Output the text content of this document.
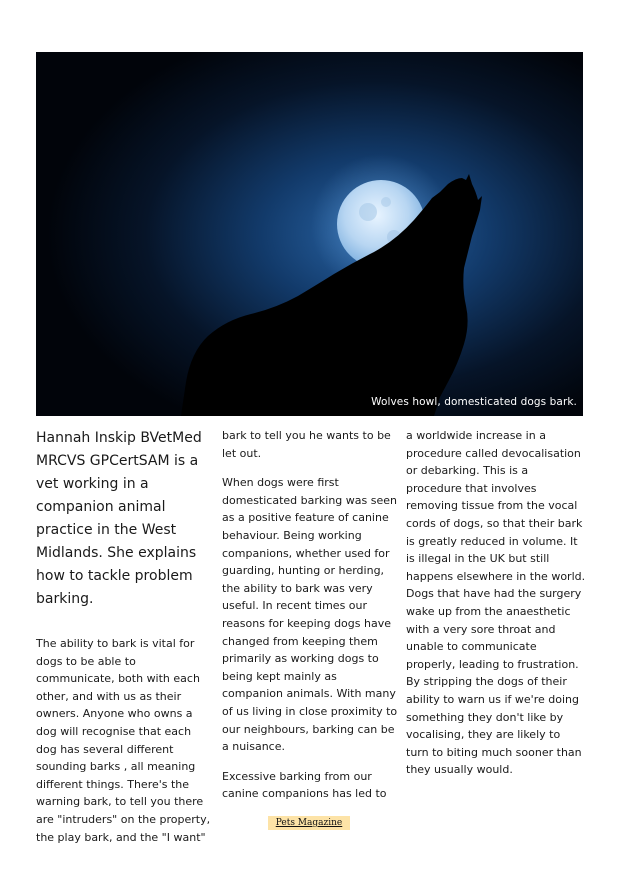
Wolves howl, domesticated dogs bark.

Hannah Inskip BVetMed MRCVS GPCertSAM is a vet working in a companion animal practice in the West Midlands. She explains how to tackle problem barking.

The ability to bark is vital for dogs to be able to communicate, both with each other, and with us as their owners. Anyone who owns a dog will recognise that each dog has several different sounding barks , all meaning different things. There's the warning bark, to tell you there are "intruders" on the property, the play bark, and the "I want"

bark to tell you he wants to be let out.

When dogs were first domesticated barking was seen as a positive feature of canine behaviour. Being working companions, whether used for guarding, hunting or herding, the ability to bark was very useful. In recent times our reasons for keeping dogs have changed from keeping them primarily as working dogs to being kept mainly as companion animals. With many of us living in close proximity to our neighbours, barking can be a nuisance.

Excessive barking from our canine companions has led to

a worldwide increase in a procedure called devocalisation or debarking. This is a procedure that involves removing tissue from the vocal cords of dogs, so that their bark is greatly reduced in volume. It is illegal in the UK but still happens elsewhere in the world. Dogs that have had the surgery wake up from the anaesthetic with a very sore throat and unable to communicate properly, leading to frustration. By stripping the dogs of their ability to warn us if we're doing something they don't like by vocalising, they are likely to turn to biting much sooner than they usually would.

Pets Magazine
